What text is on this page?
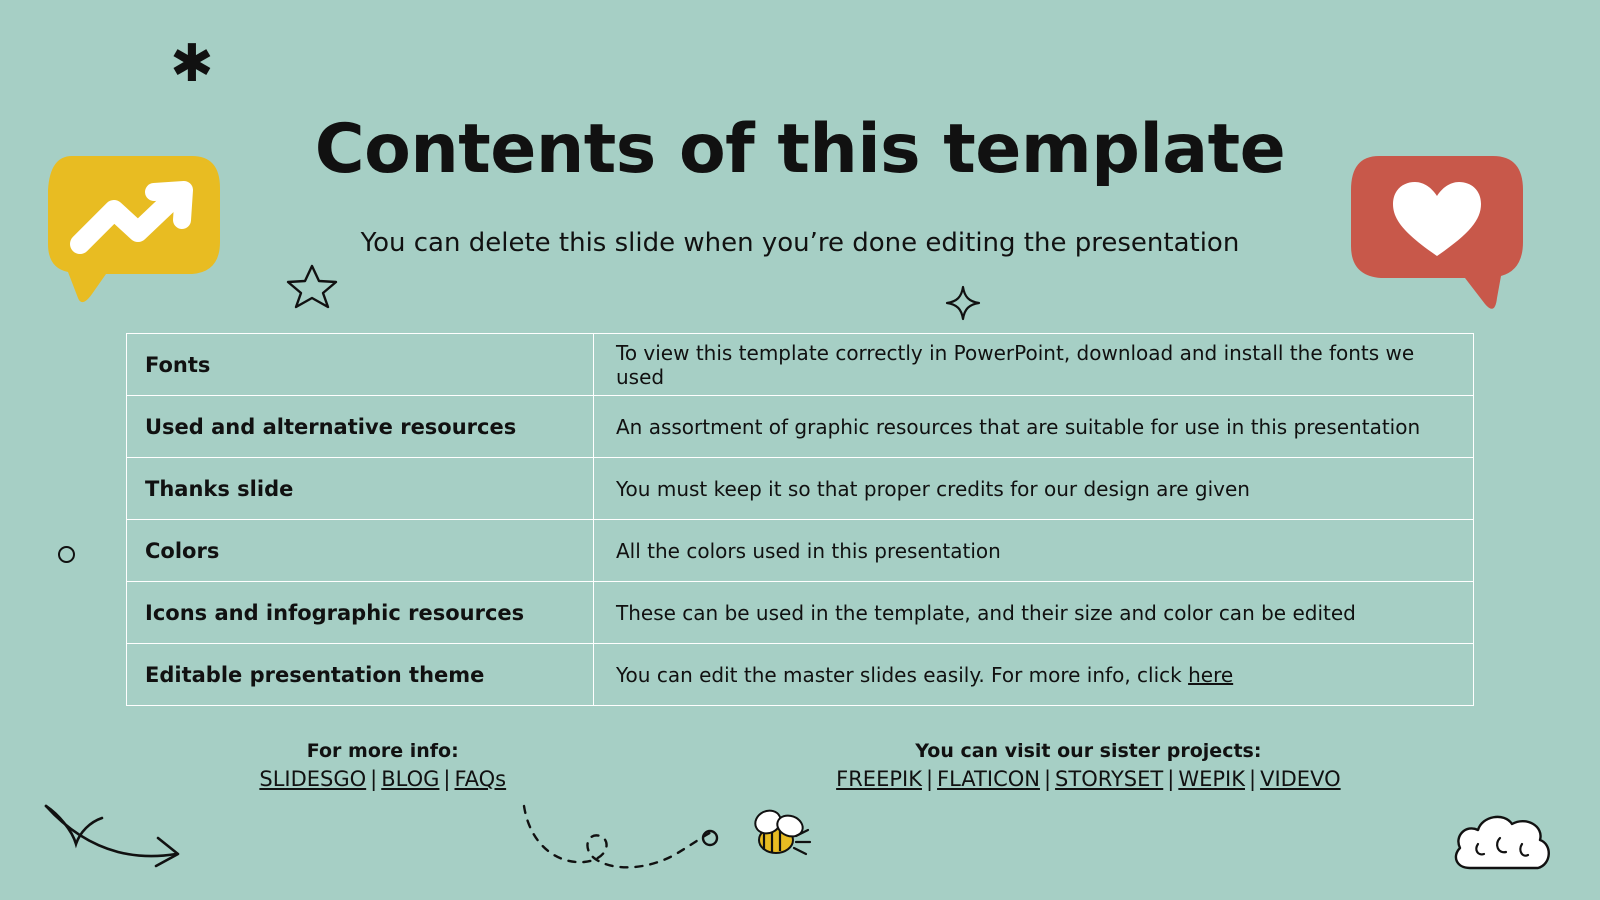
✱
Contents of this template
You can delete this slide when you’re done editing the presentation
Fonts	To view this template correctly in PowerPoint, download and install the fonts we used
Used and alternative resources	An assortment of graphic resources that are suitable for use in this presentation
Thanks slide	You must keep it so that proper credits for our design are given
Colors	All the colors used in this presentation
Icons and infographic resources	These can be used in the template, and their size and color can be edited
Editable presentation theme	You can edit the master slides easily. For more info, click here
For more info:
SLIDESGO | BLOG | FAQs
You can visit our sister projects:
FREEPIK | FLATICON | STORYSET | WEPIK | VIDEVO
